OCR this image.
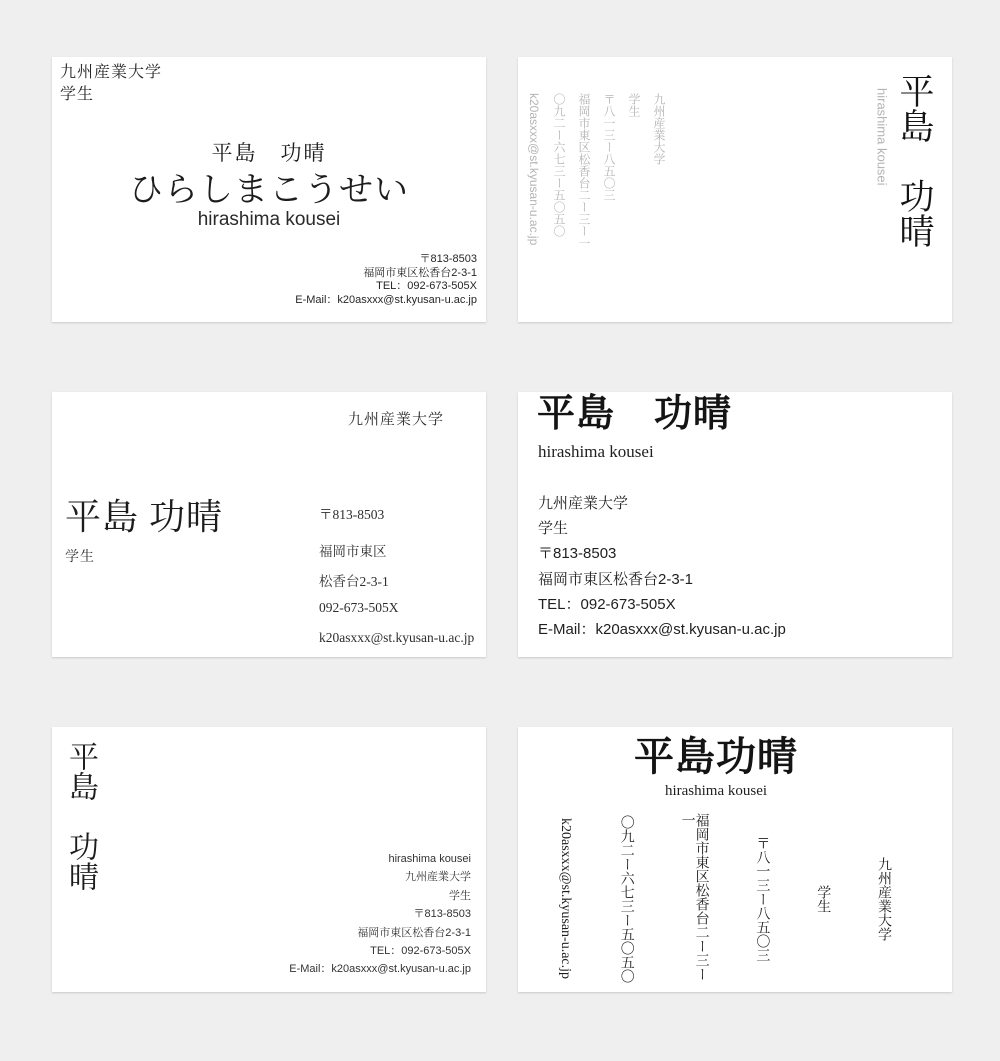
九州産業大学
学生
平島　功晴
ひらしまこうせい
hirashima kousei
〒813-8503
福岡市東区松香台2-3-1
TEL：092-673-505X
E-Mail：k20asxxx@st.kyusan-u.ac.jp
平島　功晴
hirashima kousei
九州産業大学
学生
〒八一三ー八五〇三
福岡市東区松香台二ー三ー一
〇九二ー六七三ー五〇五〇
k20asxxx@st.kyusan-u.ac.jp
九州産業大学
平島 功晴
学生
〒813-8503
福岡市東区
松香台2-3-1
092-673-505X
k20asxxx@st.kyusan-u.ac.jp
平島　功晴
hirashima kousei
九州産業大学
学生
〒813-8503
福岡市東区松香台2-3-1
TEL：092-673-505X
E-Mail：k20asxxx@st.kyusan-u.ac.jp
平島　功晴	hirashima kousei
九州産業大学
学生
〒813-8503
福岡市東区松香台2-3-1
TEL：092-673-505X
E-Mail：k20asxxx@st.kyusan-u.ac.jp
平島功晴
hirashima kousei
九州産業大学
学生
〒八一三ー八五〇三
福岡市東区松香台二ー三ー一
〇九二ー六七三ー五〇五〇
k20asxxx@st.kyusan-u.ac.jp
